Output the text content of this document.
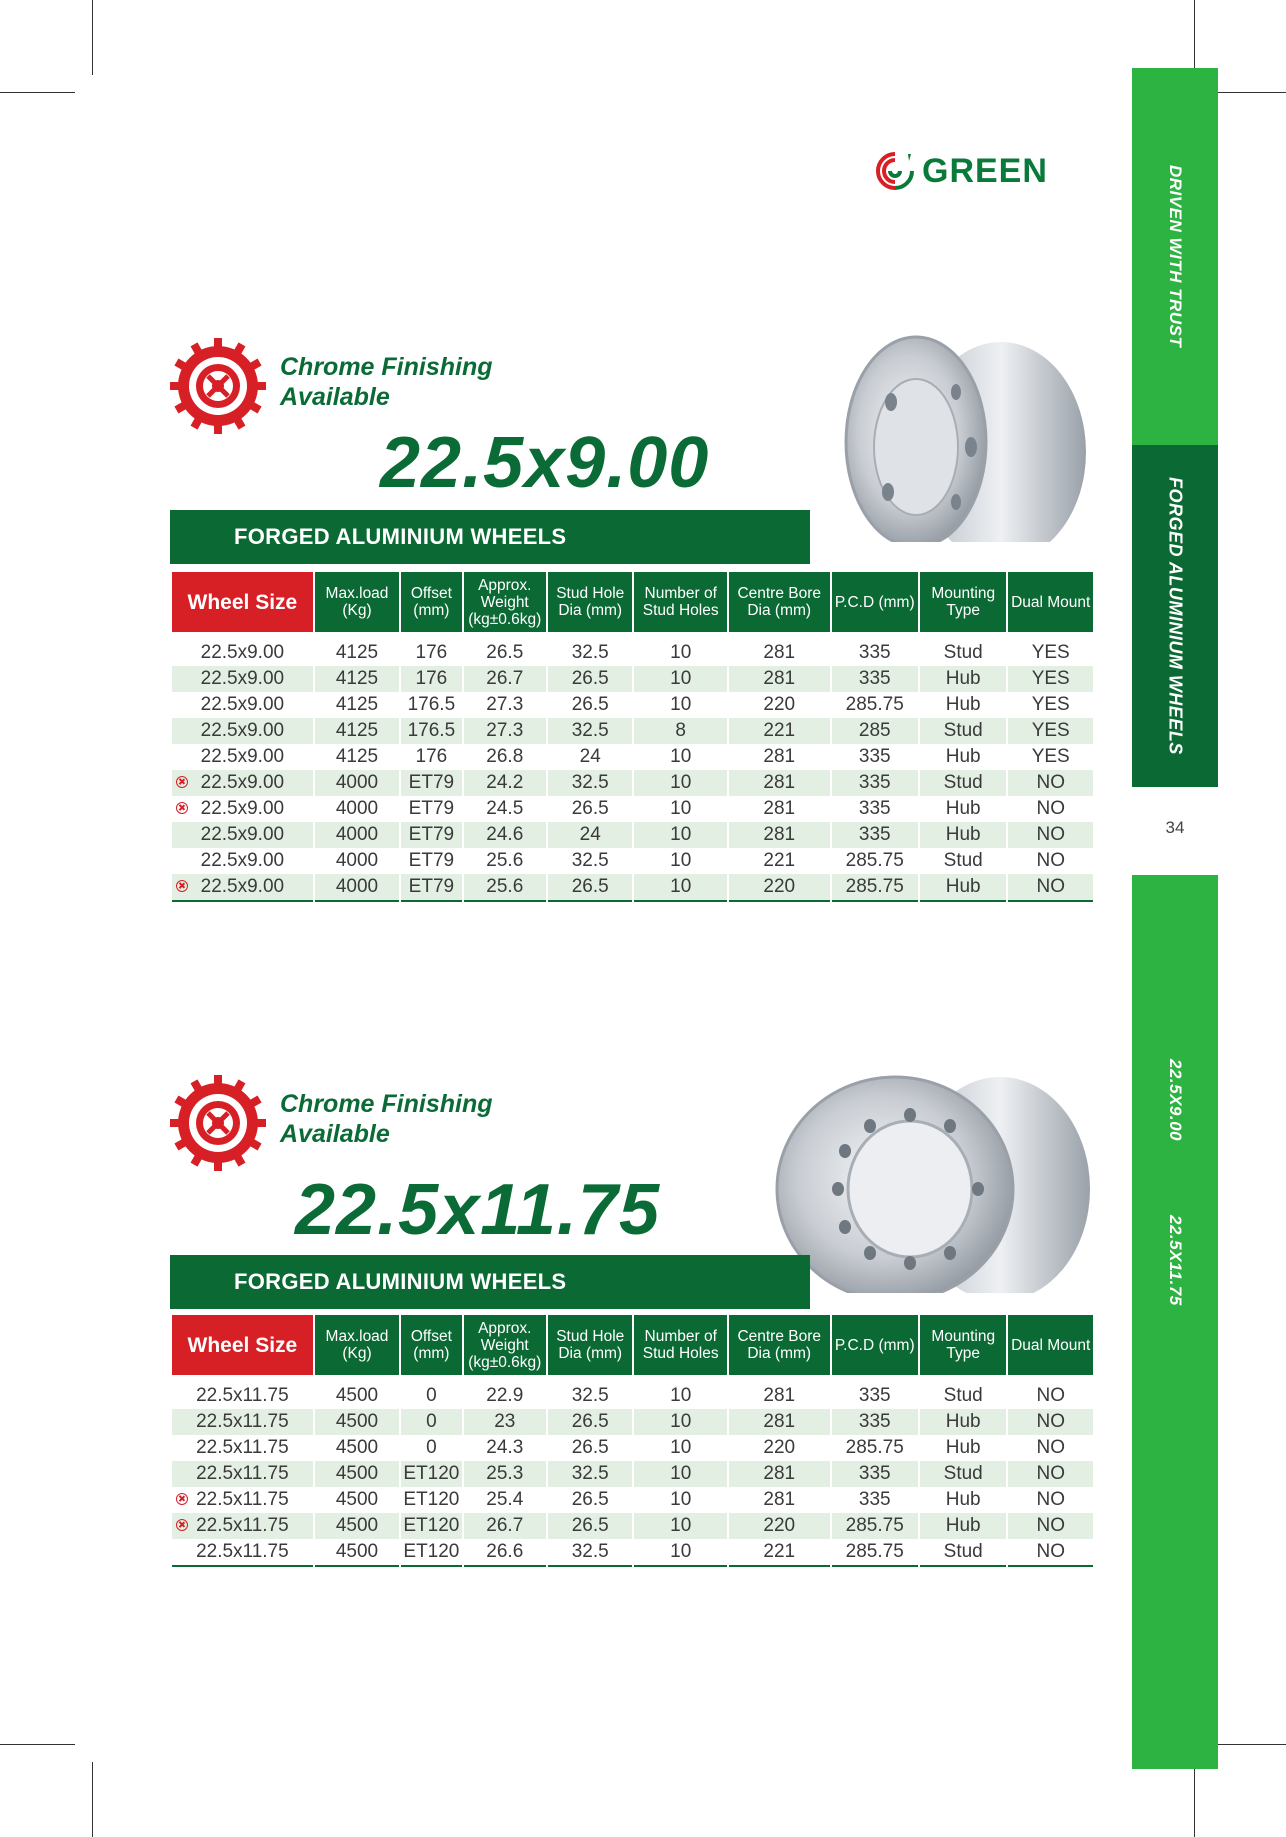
DRIVEN WITH TRUST
FORGED ALUMINIUM WHEELS
34
22.5X9.00
22.5X11.75
GREEN
Chrome Finishing Available
22.5x9.00
FORGED ALUMINIUM WHEELS
Wheel Size	Max.load (Kg)	Offset (mm)	Approx. Weight (kg±0.6kg)	Stud Hole Dia (mm)	Number of Stud Holes	Centre Bore Dia (mm)	P.C.D (mm)	Mounting Type	Dual Mount

22.5x9.00	4125	176	26.5	32.5	10	281	335	Stud	YES
22.5x9.00	4125	176	26.7	26.5	10	281	335	Hub	YES
22.5x9.00	4125	176.5	27.3	26.5	10	220	285.75	Hub	YES
22.5x9.00	4125	176.5	27.3	32.5	8	221	285	Stud	YES
22.5x9.00	4125	176	26.8	24	10	281	335	Hub	YES

22.5x9.00	4000	ET79	24.2	32.5	10	281	335	Stud	NO

22.5x9.00	4000	ET79	24.5	26.5	10	281	335	Hub	NO
22.5x9.00	4000	ET79	24.6	24	10	281	335	Hub	NO
22.5x9.00	4000	ET79	25.6	32.5	10	221	285.75	Stud	NO

22.5x9.00	4000	ET79	25.6	26.5	10	220	285.75	Hub	NO
Chrome Finishing Available
22.5x11.75
FORGED ALUMINIUM WHEELS
Wheel Size	Max.load (Kg)	Offset (mm)	Approx. Weight (kg±0.6kg)	Stud Hole Dia (mm)	Number of Stud Holes	Centre Bore Dia (mm)	P.C.D (mm)	Mounting Type	Dual Mount

22.5x11.75	4500	0	22.9	32.5	10	281	335	Stud	NO
22.5x11.75	4500	0	23	26.5	10	281	335	Hub	NO
22.5x11.75	4500	0	24.3	26.5	10	220	285.75	Hub	NO
22.5x11.75	4500	ET120	25.3	32.5	10	281	335	Stud	NO

22.5x11.75	4500	ET120	25.4	26.5	10	281	335	Hub	NO

22.5x11.75	4500	ET120	26.7	26.5	10	220	285.75	Hub	NO
22.5x11.75	4500	ET120	26.6	32.5	10	221	285.75	Stud	NO
